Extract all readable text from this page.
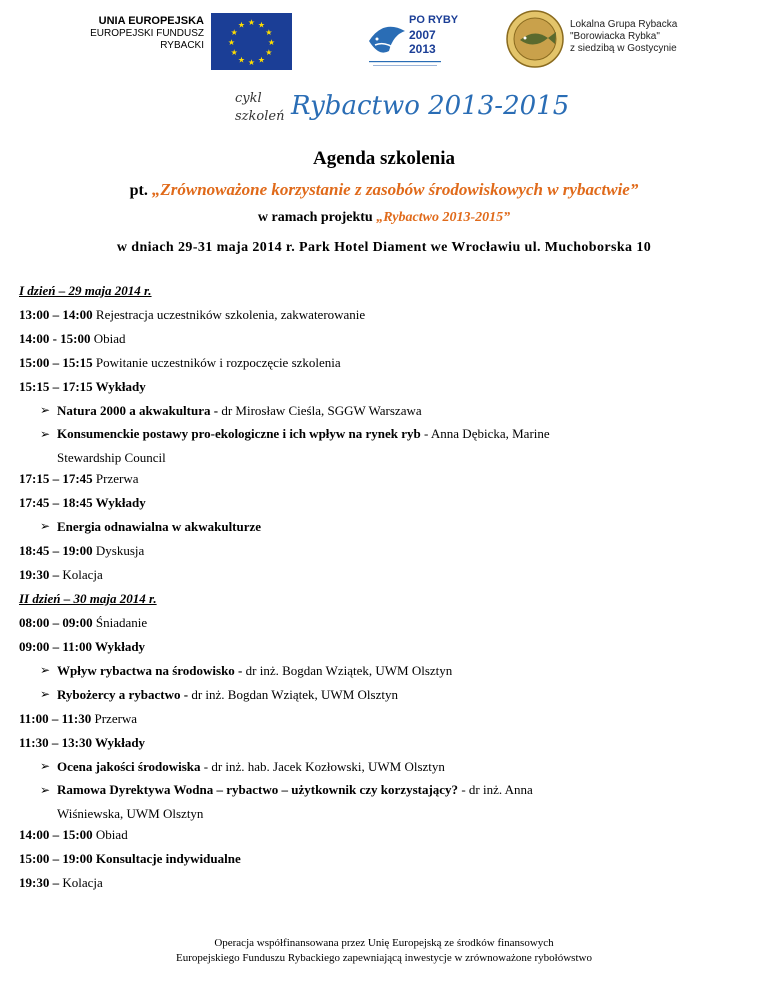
UNIA EUROPEJSKA
EUROPEJSKI FUNDUSZ
RYBACKI
★ ★
★
★
★
★
★
★
★
★
★
★	PO RYBY
2007
2013
Lokalna Grupa Rybacka
"Borowiacka Rybka"
z siedzibą w Gostycynie
cykl
szkoleń Rybactwo 2013-2015
Agenda szkolenia
pt. „Zrównoważone korzystanie z zasobów środowiskowych w rybactwie”
w ramach projektu „Rybactwo 2013-2015”
w dniach 29-31 maja 2014 r. Park Hotel Diament we Wrocławiu ul. Muchoborska 10
I dzień – 29 maja 2014 r.
13:00 – 14:00 Rejestracja uczestników szkolenia, zakwaterowanie
14:00 - 15:00 Obiad
15:00 – 15:15 Powitanie uczestników i rozpoczęcie szkolenia
15:15 – 17:15 Wykłady
➢ Natura 2000 a akwakultura - dr Mirosław Cieśla, SGGW Warszawa
➢ Konsumenckie postawy pro-ekologiczne i ich wpływ na rynek ryb - Anna Dębicka, Marine
Stewardship Council
17:15 – 17:45 Przerwa
17:45 – 18:45 Wykłady
➢ Energia odnawialna w akwakulturze
18:45 – 19:00 Dyskusja
19:30 – Kolacja
II dzień – 30 maja 2014 r.
08:00 – 09:00 Śniadanie
09:00 – 11:00 Wykłady
➢ Wpływ rybactwa na środowisko - dr inż. Bogdan Wziątek, UWM Olsztyn
➢ Rybożercy a rybactwo - dr inż. Bogdan Wziątek, UWM Olsztyn
11:00 – 11:30 Przerwa
11:30 – 13:30 Wykłady
➢ Ocena jakości środowiska - dr inż. hab. Jacek Kozłowski, UWM Olsztyn
➢ Ramowa Dyrektywa Wodna – rybactwo – użytkownik czy korzystający? - dr inż. Anna
Wiśniewska, UWM Olsztyn
14:00 – 15:00 Obiad
15:00 – 19:00 Konsultacje indywidualne
19:30 – Kolacja
Operacja współfinansowana przez Unię Europejską ze środków finansowych
Europejskiego Funduszu Rybackiego zapewniającą inwestycje w zrównoważone rybołówstwo
